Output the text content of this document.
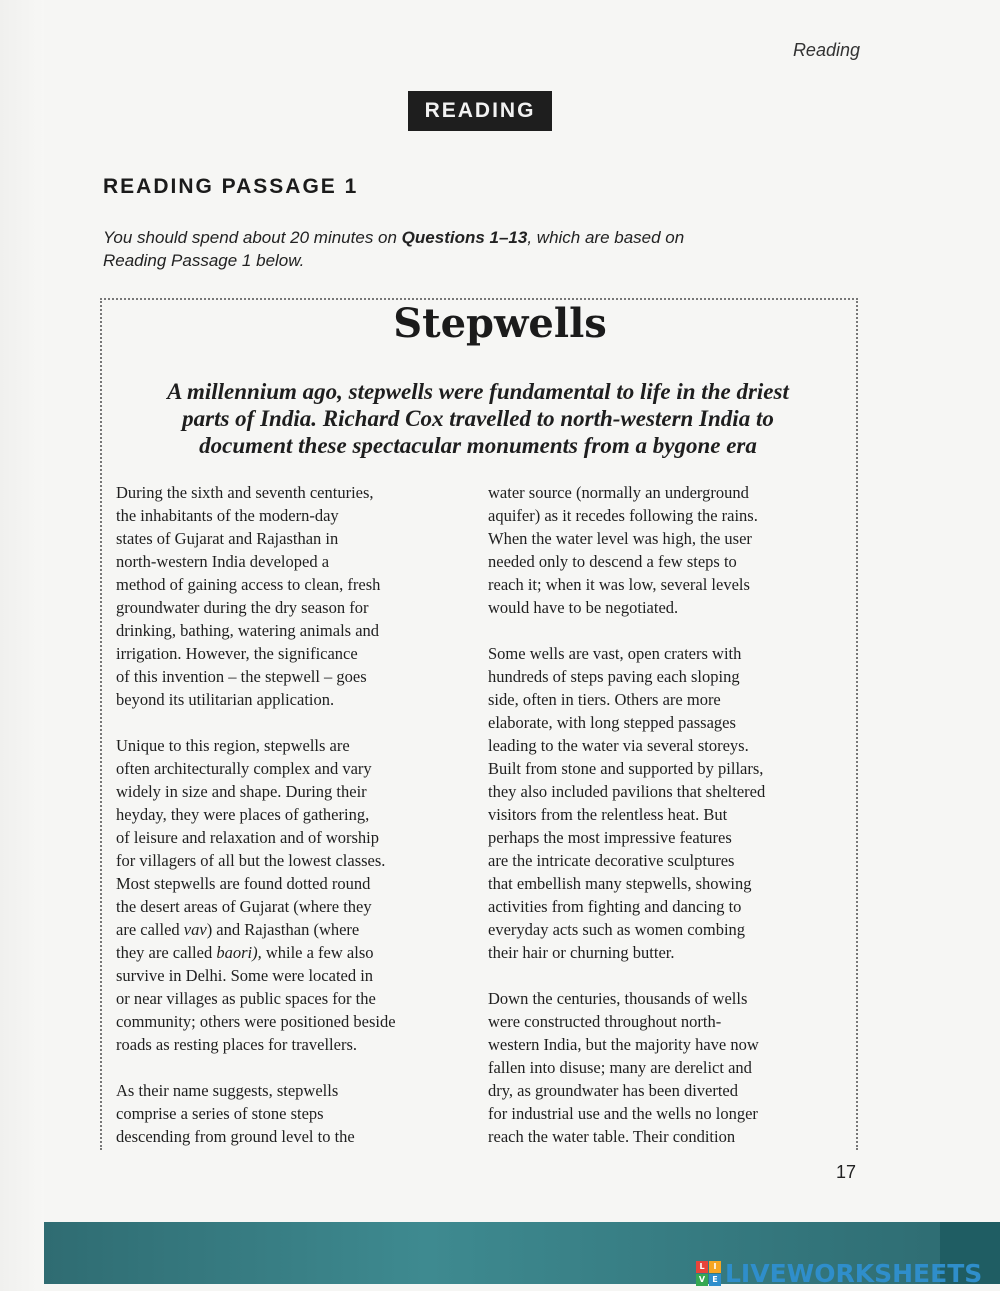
Reading
READING
READING PASSAGE 1
You should spend about 20 minutes on Questions 1–13, which are based on
Reading Passage 1 below.
Stepwells
A millennium ago, stepwells were fundamental to life in the driest
parts of India. Richard Cox travelled to north-western India to
document these spectacular monuments from a bygone era
During the sixth and seventh centuries,
the inhabitants of the modern-day
states of Gujarat and Rajasthan in
north-western India developed a
method of gaining access to clean, fresh
groundwater during the dry season for
drinking, bathing, watering animals and
irrigation. However, the significance
of this invention – the stepwell – goes
beyond its utilitarian application.
Unique to this region, stepwells are
often architecturally complex and vary
widely in size and shape. During their
heyday, they were places of gathering,
of leisure and relaxation and of worship
for villagers of all but the lowest classes.
Most stepwells are found dotted round
the desert areas of Gujarat (where they
are called vav) and Rajasthan (where
they are called baori), while a few also
survive in Delhi. Some were located in
or near villages as public spaces for the
community; others were positioned beside
roads as resting places for travellers.
As their name suggests, stepwells
comprise a series of stone steps
descending from ground level to the
water source (normally an underground
aquifer) as it recedes following the rains.
When the water level was high, the user
needed only to descend a few steps to
reach it; when it was low, several levels
would have to be negotiated.
Some wells are vast, open craters with
hundreds of steps paving each sloping
side, often in tiers. Others are more
elaborate, with long stepped passages
leading to the water via several storeys.
Built from stone and supported by pillars,
they also included pavilions that sheltered
visitors from the relentless heat. But
perhaps the most impressive features
are the intricate decorative sculptures
that embellish many stepwells, showing
activities from fighting and dancing to
everyday acts such as women combing
their hair or churning butter.
Down the centuries, thousands of wells
were constructed throughout north-
western India, but the majority have now
fallen into disuse; many are derelict and
dry, as groundwater has been diverted
for industrial use and the wells no longer
reach the water table. Their condition
17
L	I
V E LIVEWORKSHEETS
